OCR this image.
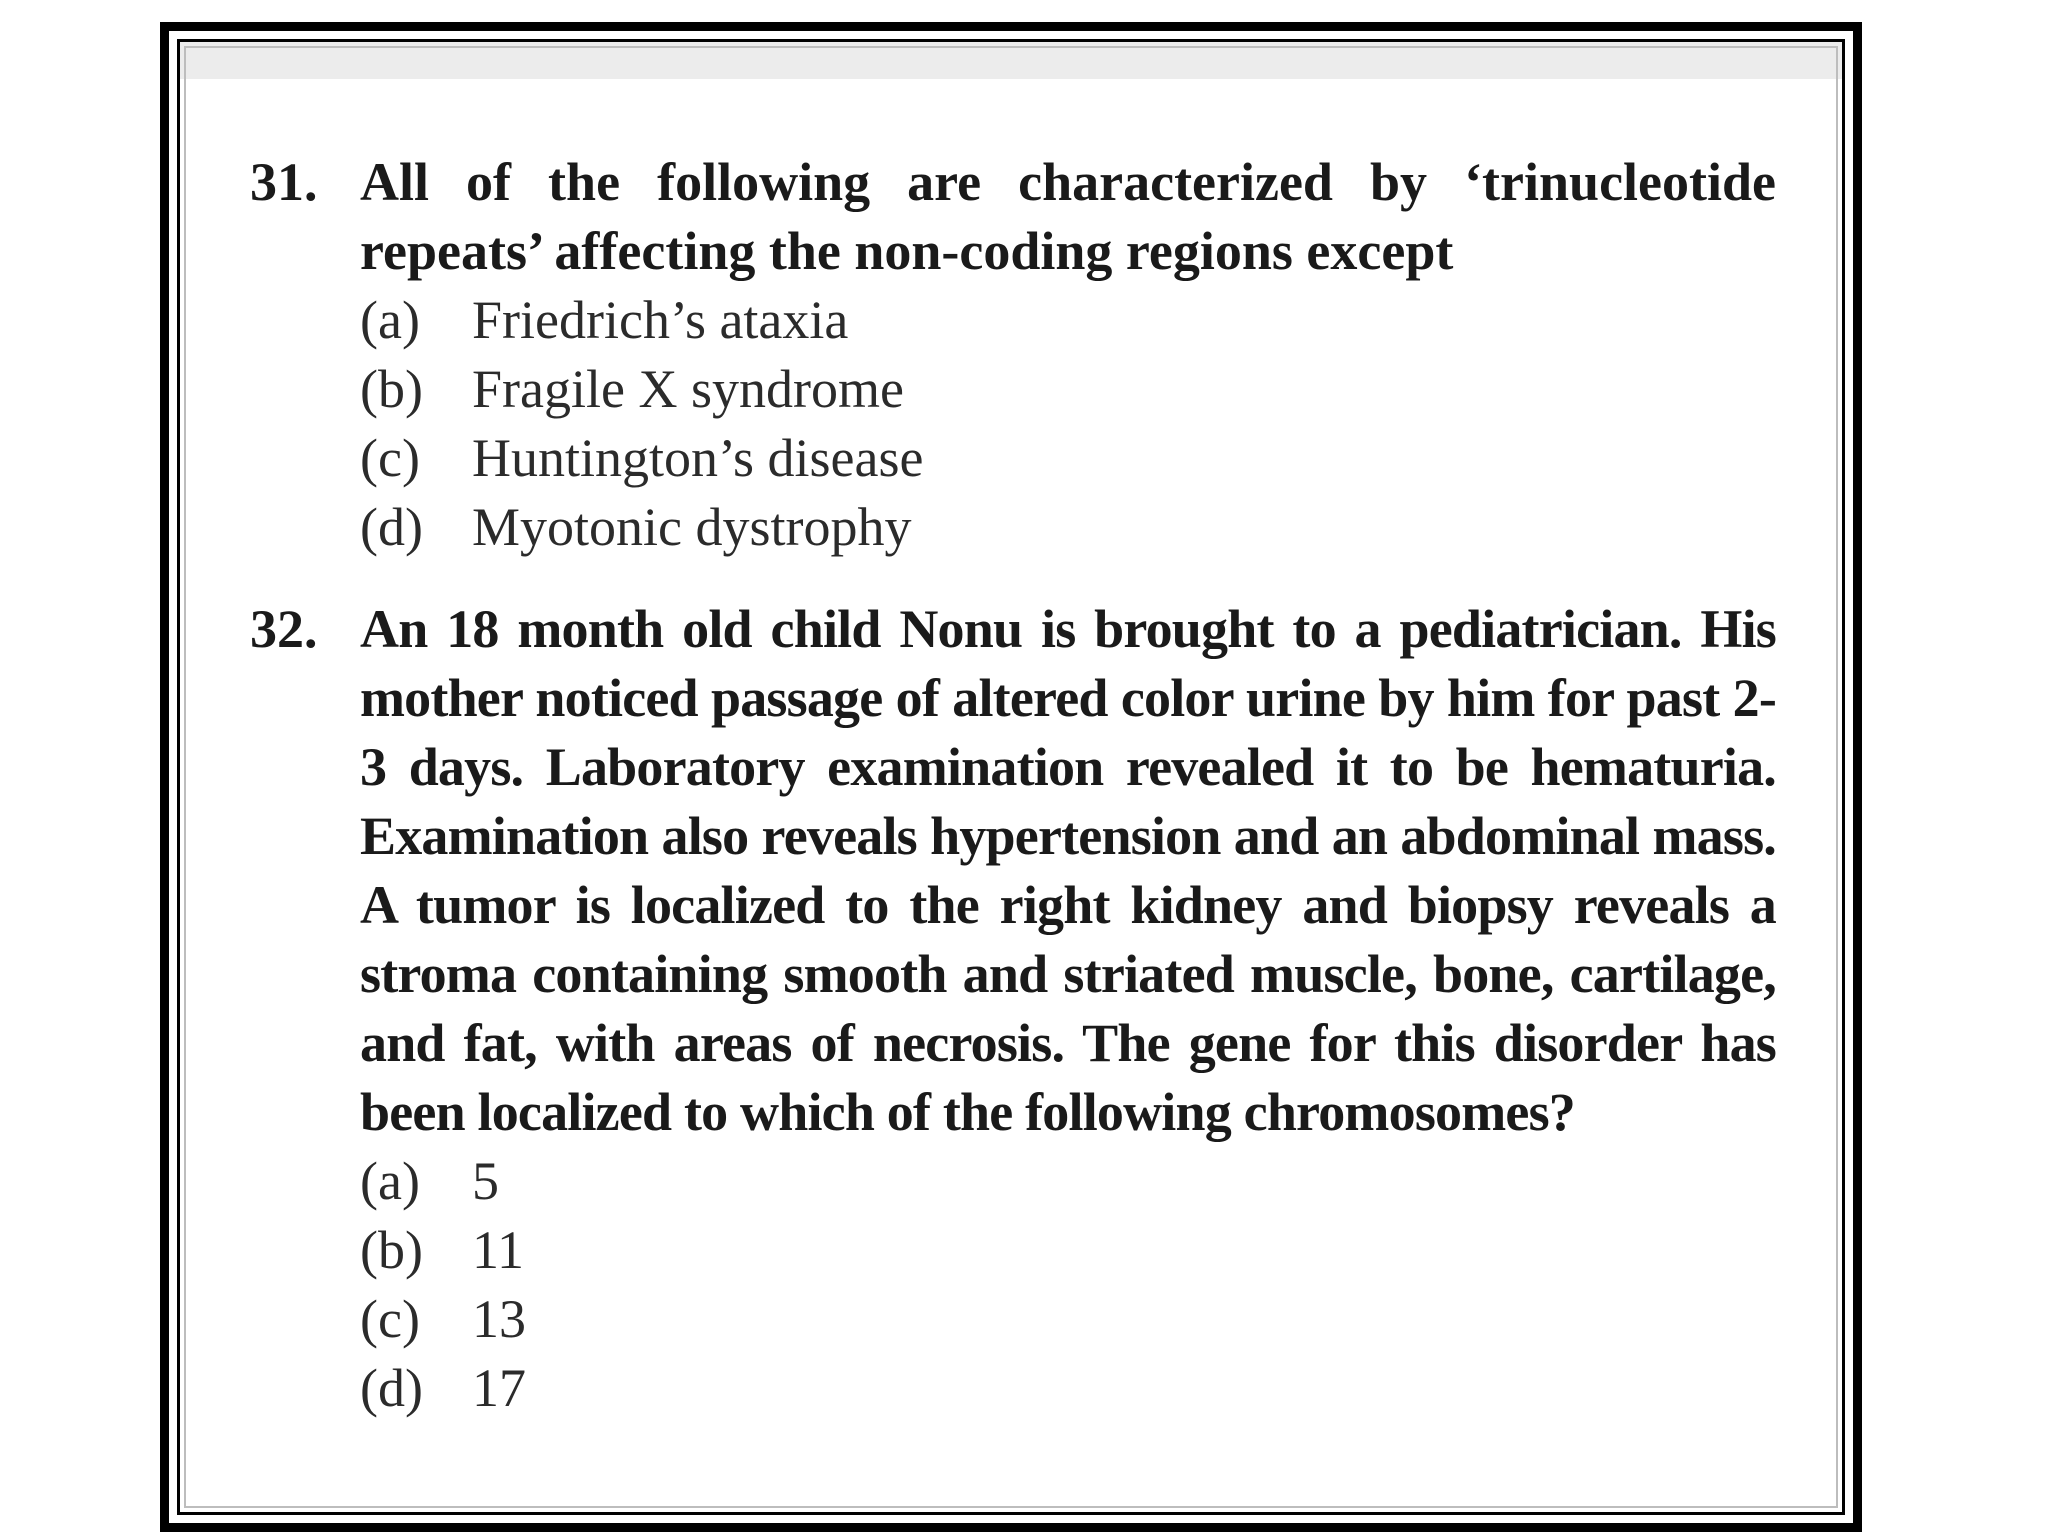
31. All of the following are characterized by ‘trinucleotide repeats’ affecting the non-coding regions except

(a) Friedrich’s ataxia
(b) Fragile X syndrome
(c) Huntington’s disease
(d) Myotonic dystrophy
32. An 18 month old child Nonu is brought to a pediatrician. His mother noticed passage of altered color urine by him for past 2-3 days. Laboratory examination revealed it to be hematuria. Examination also reveals hypertension and an abdominal mass. A tumor is localized to the right kidney and biopsy reveals a stroma containing smooth and striated muscle, bone, cartilage, and fat, with areas of necrosis. The gene for this disorder has been localized to which of the following chromosomes?

(a) 5
(b) 11
(c) 13
(d) 17
